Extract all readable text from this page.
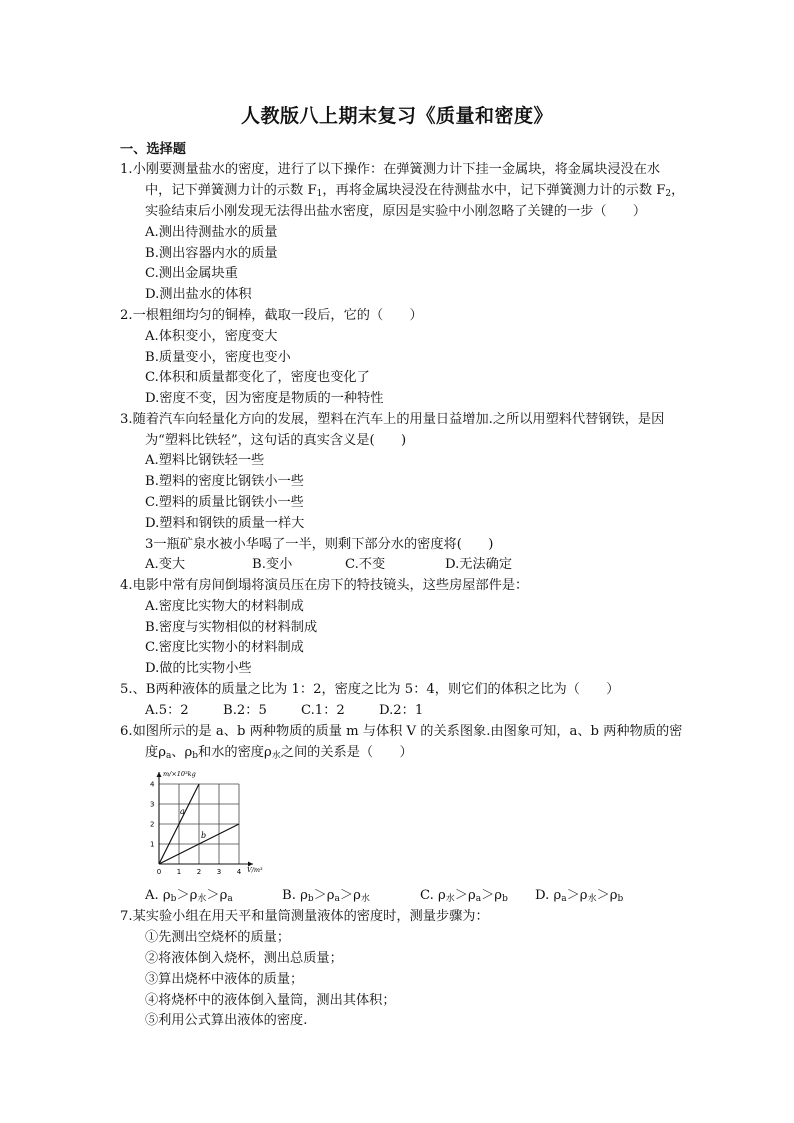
人教版八上期末复习《质量和密度》
一、选择题
1.小刚要测量盐水的密度，进行了以下操作：在弹簧测力计下挂一金属块，将金属块浸没在水
中，记下弹簧测力计的示数 $F_1$，再将金属块浸没在待测盐水中，记下弹簧测力计的示数 $F_2$，
实验结束后小刚发现无法得出盐水密度，原因是实验中小刚忽略了关键的一步（　　）
A.测出待测盐水的质量
B.测出容器内水的质量
C.测出金属块重
D.测出盐水的体积
2.一根粗细均匀的铜棒，截取一段后，它的（　　）
A.体积变小，密度变大
B.质量变小，密度也变小
C.体积和质量都变化了，密度也变化了
D.密度不变，因为密度是物质的一种特性
3.随着汽车向轻量化方向的发展，塑料在汽车上的用量日益增加.之所以用塑料代替钢铁，是因
为“塑料比铁轻”，这句话的真实含义是(　　)
A.塑料比钢铁轻一些
B.塑料的密度比钢铁小一些
C.塑料的质量比钢铁小一些
D.塑料和钢铁的质量一样大
3一瓶矿泉水被小华喝了一半，则剩下部分水的密度将(　　)
A.变大	B.变小	C.不变	D.无法确定
4.电影中常有房间倒塌将演员压在房下的特技镜头，这些房屋部件是：
A.密度比实物大的材料制成
B.密度与实物相似的材料制成
C.密度比实物小的材料制成
D.做的比实物小些
5.、B两种液体的质量之比为 1：2，密度之比为 5：4，则它们的体积之比为（　　）
A.5：2	B.2：5	C.1：2	D.2：1
6.如图所示的是 a、b 两种物质的质量 m 与体积 V 的关系图象.由图象可知，a、b 两种物质的密
度$\rho_a$、$\rho_b$和水的密度$\rho_水$之间的关系是（　　）
a
b
0 1 2 3 4
1
2
3
4
m/×10³kg
V/m³
A. $\rho_b>\rho_水>\rho_a$	B. $\rho_b>\rho_a>\rho_水$	C. $\rho_水>\rho_a>\rho_b$ D. $\rho_a>\rho_水>\rho_b$
7.某实验小组在用天平和量筒测量液体的密度时，测量步骤为：
①先测出空烧杯的质量；
②将液体倒入烧杯，测出总质量；
③算出烧杯中液体的质量；
④将烧杯中的液体倒入量筒，测出其体积；
⑤利用公式算出液体的密度.
